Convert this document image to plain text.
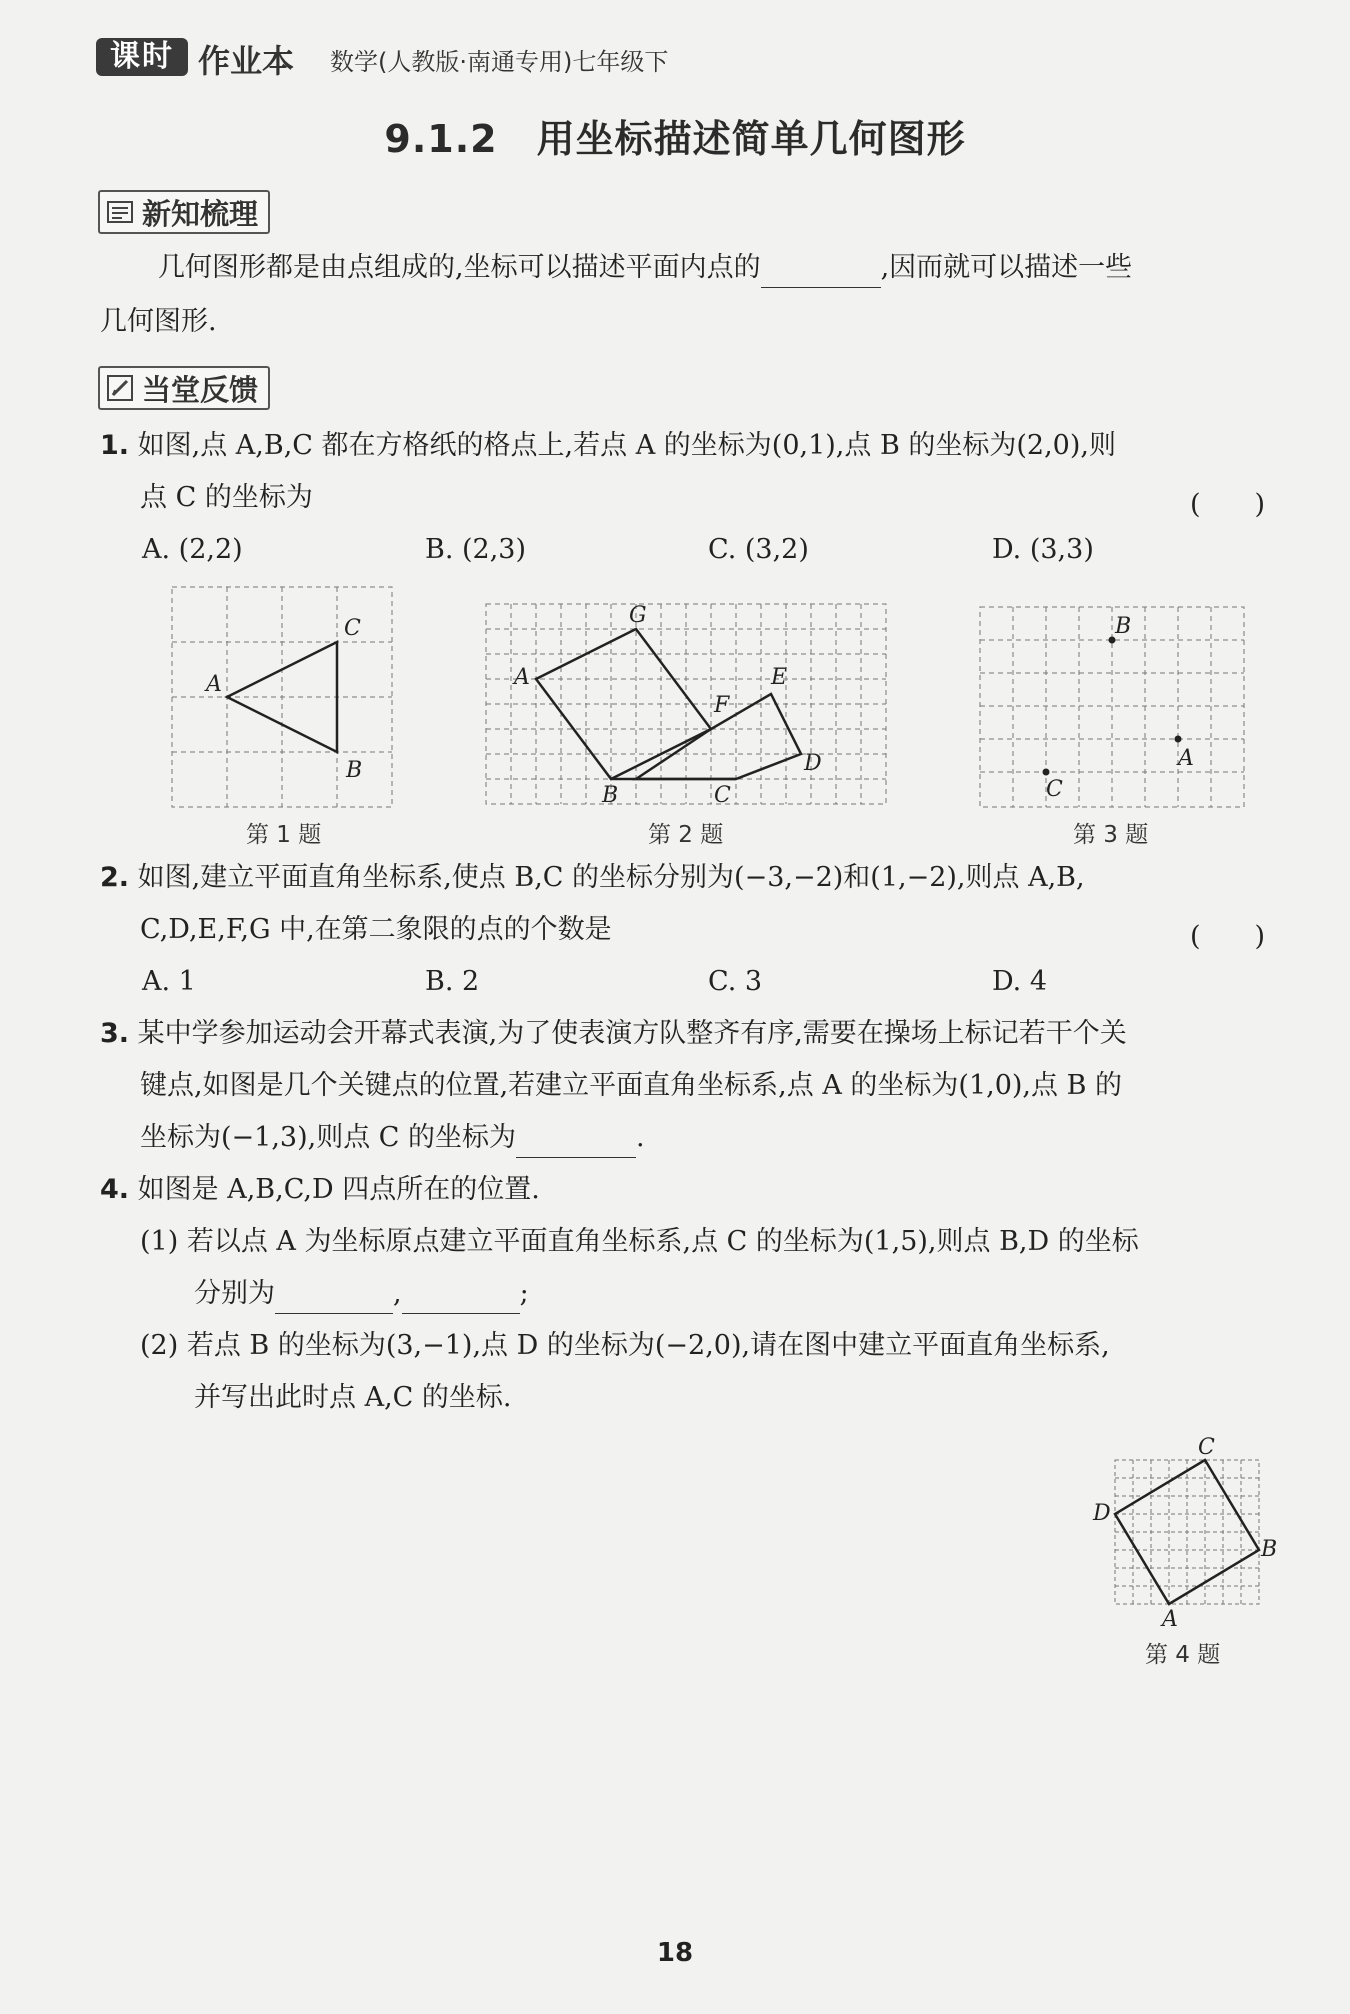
课时 作业本 数学(人教版·南通专用)七年级下
9.1.2　用坐标描述简单几何图形
新知梳理
几何图形都是由点组成的,坐标可以描述平面内点的	,因而就可以描述一些
几何图形.
当堂反馈
1. 如图,点 A,B,C 都在方格纸的格点上,若点 A 的坐标为(0,1),点 B 的坐标为(2,0),则
点 C 的坐标为	(　　)
A. (2,2)	B. (2,3)	C. (3,2)	D. (3,3)
A
B
C
第 1 题
A
B	C
D
E
F
G
第 2 题
A
B
C
第 3 题
2. 如图,建立平面直角坐标系,使点 B,C 的坐标分别为(−3,−2)和(1,−2),则点 A,B,
C,D,E,F,G 中,在第二象限的点的个数是	(　　)
A. 1	B. 2	C. 3	D. 4
3. 某中学参加运动会开幕式表演,为了使表演方队整齐有序,需要在操场上标记若干个关
键点,如图是几个关键点的位置,若建立平面直角坐标系,点 A 的坐标为(1,0),点 B 的
坐标为(−1,3),则点 C 的坐标为	.
4. 如图是 A,B,C,D 四点所在的位置.
(1) 若以点 A 为坐标原点建立平面直角坐标系,点 C 的坐标为(1,5),则点 B,D 的坐标
分别为	,	;
(2) 若点 B 的坐标为(3,−1),点 D 的坐标为(−2,0),请在图中建立平面直角坐标系,
并写出此时点 A,C 的坐标.
A
B
C
D
第 4 题
18
